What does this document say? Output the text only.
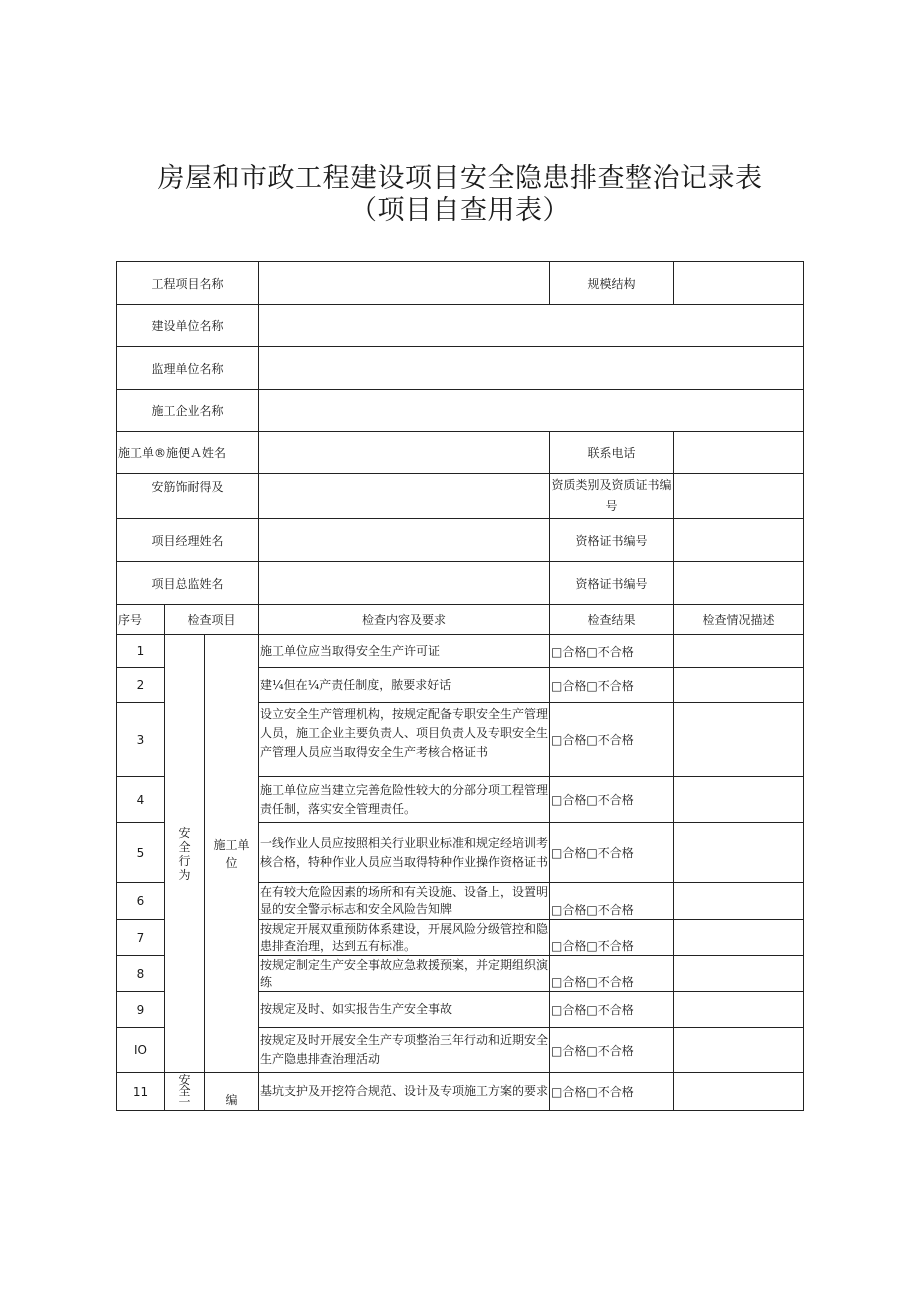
房屋和市政工程建设项目安全隐患排查整治记录表
（项目自查用表）
工程项目名称		规模结构	
建设单位名称			
监理单位名称			
施工企业名称			
施工单®施便Ａ姓名		联系电话	
安筋饰耐得及		资质类别及资质证书编号	
项目经理姓名		资格证书编号	
项目总监姓名		资格证书编号	
序号	检查项目		检查内容及要求	检查结果	检查情况描述
1	安全行为	施工单位	施工单位应当取得安全生产许可证	□合格□不合格	
2			建¼但在¼产责任制度，脓要求好话	□合格□不合格	
3			设立安全生产管理机构，按规定配备专职安全生产管理人员，施工企业主要负责人、项目负责人及专职安全生产管理人员应当取得安全生产考核合格证书	□合格□不合格	
4			施工单位应当建立完善危险性较大的分部分项工程管理责任制，落实安全管理责任。	□合格□不合格	
5			一线作业人员应按照相关行业职业标准和规定经培训考核合格，特种作业人员应当取得特种作业操作资格证书	□合格□不合格	
6			在有较大危险因素的场所和有关设施、设备上，设置明显的安全警示标志和安全风险告知牌	□合格□不合格	
7			按规定开展双重预防体系建设，开展风险分级管控和隐患排查治理，达到五有标准。	□合格□不合格	
8			按规定制定生产安全事故应急救援预案，并定期组织演练	□合格□不合格	
9			按规定及时、如实报告生产安全事故	□合格□不合格	
IO			按规定及时开展安全生产专项整治三年行动和近期安全生产隐患排查治理活动	□合格□不合格	
11	安全一	编	基坑支护及开挖符合规范、设计及专项施工方案的要求	□合格□不合格	
